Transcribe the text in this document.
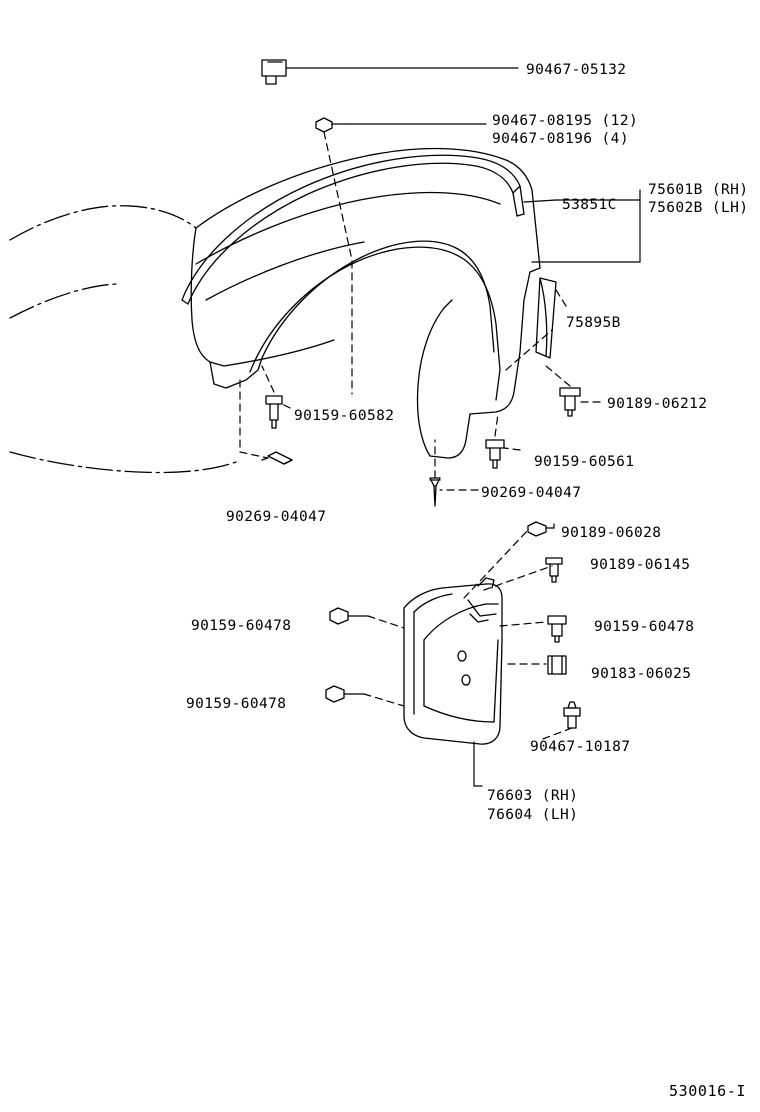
90467-05132
90467-08195 (12)
90467-08196 (4)
53851C
75601B (RH)
75602B (LH)
75895B
90189-06212
90159-60582
90159-60561
90269-04047
90269-04047
90189-06028
90189-06145
90159-60478	90159-60478
90183-06025
90159-60478
90467-10187
76603 (RH)
76604 (LH)
530016-I
